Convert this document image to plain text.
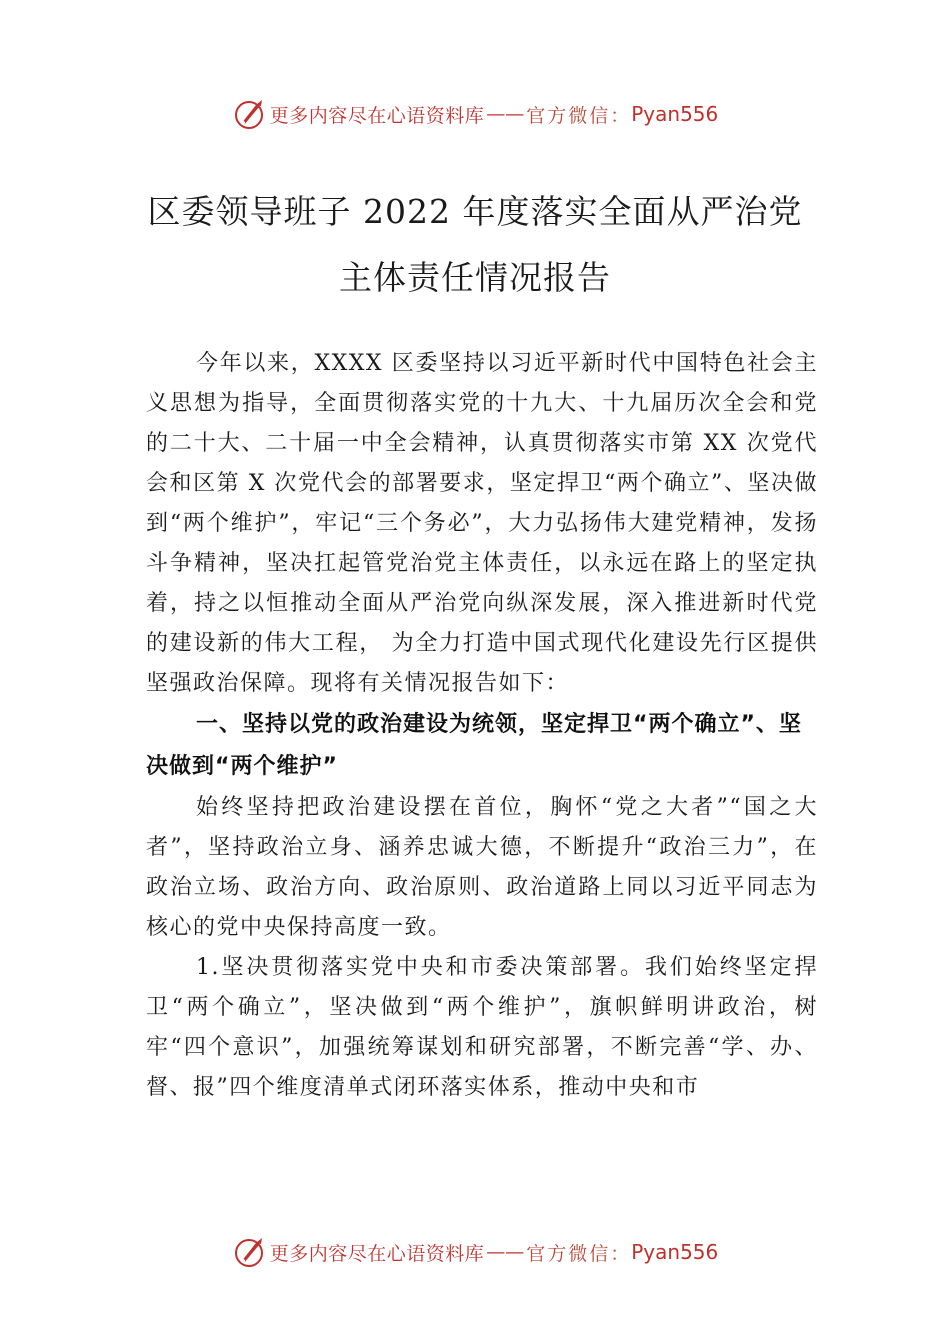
更多内容尽在心语资料库 —— 官方微信： Pyan556
区委领导班子 2022 年度落实全面从严治党
主体责任情况报告

今年以来，XXXX 区委坚持以习近平新时代中国特色社会主义思想为指导，全面贯彻落实党的十九大、十九届历次全会和党的二十大、二十届一中全会精神，认真贯彻落实市第 XX 次党代会和区第 X 次党代会的部署要求，坚定捍卫“两个确立”、坚决做到“两个维护”，牢记“三个务必”，大力弘扬伟大建党精神，发扬斗争精神，坚决扛起管党治党主体责任，以永远在路上的坚定执着，持之以恒推动全面从严治党向纵深发展，深入推进新时代党的建设新的伟大工程， 为全力打造中国式现代化建设先行区提供坚强政治保障。现将有关情况报告如下：

一、坚持以党的政治建设为统领，坚定捍卫“两个确立”、坚决做到“两个维护”

始终坚持把政治建设摆在首位，胸怀“党之大者”“国之大者”，坚持政治立身、涵养忠诚大德，不断提升“政治三力”，在政治立场、政治方向、政治原则、政治道路上同以习近平同志为核心的党中央保持高度一致。

1.坚决贯彻落实党中央和市委决策部署。我们始终坚定捍卫“两个确立”，坚决做到“两个维护”，旗帜鲜明讲政治，树牢“四个意识”，加强统筹谋划和研究部署，不断完善“学、办、督、报”四个维度清单式闭环落实体系，推动中央和市

更多内容尽在心语资料库 —— 官方微信： Pyan556
